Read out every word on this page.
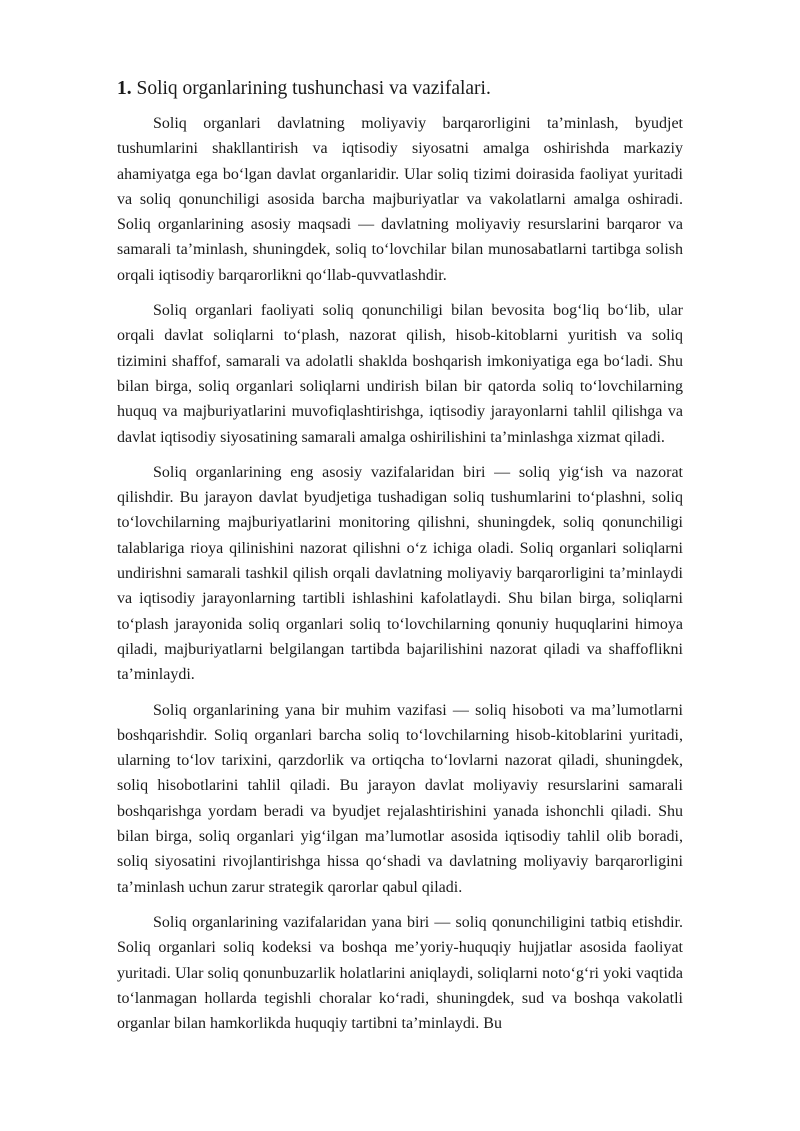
1. Soliq organlarining tushunchasi va vazifalari.

Soliq organlari davlatning moliyaviy barqarorligini ta’minlash, byudjet tushumlarini shakllantirish va iqtisodiy siyosatni amalga oshirishda markaziy ahamiyatga ega boʻlgan davlat organlaridir. Ular soliq tizimi doirasida faoliyat yuritadi va soliq qonunchiligi asosida barcha majburiyatlar va vakolatlarni amalga oshiradi. Soliq organlarining asosiy maqsadi — davlatning moliyaviy resurslarini barqaror va samarali ta’minlash, shuningdek, soliq toʻlovchilar bilan munosabatlarni tartibga solish orqali iqtisodiy barqarorlikni qoʻllab-quvvatlashdir.

Soliq organlari faoliyati soliq qonunchiligi bilan bevosita bogʻliq boʻlib, ular orqali davlat soliqlarni toʻplash, nazorat qilish, hisob-kitoblarni yuritish va soliq tizimini shaffof, samarali va adolatli shaklda boshqarish imkoniyatiga ega boʻladi. Shu bilan birga, soliq organlari soliqlarni undirish bilan bir qatorda soliq toʻlovchilarning huquq va majburiyatlarini muvofiqlashtirishga, iqtisodiy jarayonlarni tahlil qilishga va davlat iqtisodiy siyosatining samarali amalga oshirilishini ta’minlashga xizmat qiladi.

Soliq organlarining eng asosiy vazifalaridan biri — soliq yigʻish va nazorat qilishdir. Bu jarayon davlat byudjetiga tushadigan soliq tushumlarini toʻplashni, soliq toʻlovchilarning majburiyatlarini monitoring qilishni, shuningdek, soliq qonunchiligi talablariga rioya qilinishini nazorat qilishni oʻz ichiga oladi. Soliq organlari soliqlarni undirishni samarali tashkil qilish orqali davlatning moliyaviy barqarorligini ta’minlaydi va iqtisodiy jarayonlarning tartibli ishlashini kafolatlaydi. Shu bilan birga, soliqlarni toʻplash jarayonida soliq organlari soliq toʻlovchilarning qonuniy huquqlarini himoya qiladi, majburiyatlarni belgilangan tartibda bajarilishini nazorat qiladi va shaffoflikni ta’minlaydi.

Soliq organlarining yana bir muhim vazifasi — soliq hisoboti va ma’lumotlarni boshqarishdir. Soliq organlari barcha soliq toʻlovchilarning hisob-kitoblarini yuritadi, ularning toʻlov tarixini, qarzdorlik va ortiqcha toʻlovlarni nazorat qiladi, shuningdek, soliq hisobotlarini tahlil qiladi. Bu jarayon davlat moliyaviy resurslarini samarali boshqarishga yordam beradi va byudjet rejalashtirishini yanada ishonchli qiladi. Shu bilan birga, soliq organlari yigʻilgan ma’lumotlar asosida iqtisodiy tahlil olib boradi, soliq siyosatini rivojlantirishga hissa qoʻshadi va davlatning moliyaviy barqarorligini ta’minlash uchun zarur strategik qarorlar qabul qiladi.

Soliq organlarining vazifalaridan yana biri — soliq qonunchiligini tatbiq etishdir. Soliq organlari soliq kodeksi va boshqa me’yoriy-huquqiy hujjatlar asosida faoliyat yuritadi. Ular soliq qonunbuzarlik holatlarini aniqlaydi, soliqlarni notoʻgʻri yoki vaqtida toʻlanmagan hollarda tegishli choralar koʻradi, shuningdek, sud va boshqa vakolatli organlar bilan hamkorlikda huquqiy tartibni ta’minlaydi. Bu
